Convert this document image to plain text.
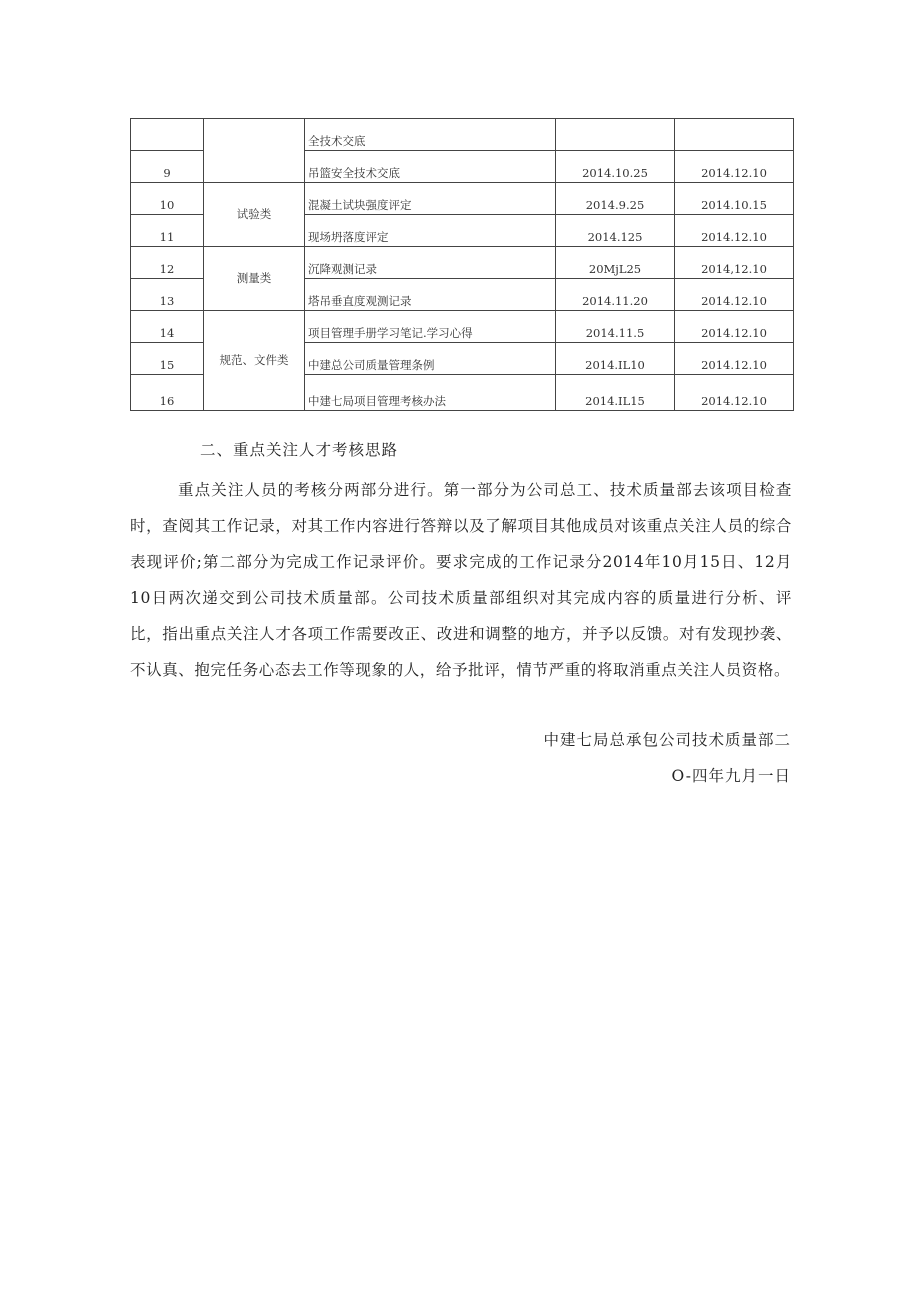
		全技术交底		
9		吊篮安全技术交底	2014.10.25	2014.12.10
10	试验类	混凝土试块强度评定	2014.9.25	2014.10.15
11		现场坍落度评定	2014.125	2014.12.10
12	测量类	沉降观测记录	20MjL25	2014,12.10
13		塔吊垂直度观测记录	2014.11.20	2014.12.10
14	规范、文件类	项目管理手册学习笔记.学习心得	2014.11.5	2014.12.10
15		中建总公司质量管理条例	2014.IL10	2014.12.10
16		中建七局项目管理考核办法	2014.IL15	2014.12.10
二、重点关注人才考核思路

重点关注人员的考核分两部分进行。第一部分为公司总工、技术质量部去该项目检查时，查阅其工作记录，对其工作内容进行答辩以及了解项目其他成员对该重点关注人员的综合表现评价;第二部分为完成工作记录评价。要求完成的工作记录分2014年10月15日、12月10日两次递交到公司技术质量部。公司技术质量部组织对其完成内容的质量进行分析、评比，指出重点关注人才各项工作需要改正、改进和调整的地方，并予以反馈。对有发现抄袭、不认真、抱完任务心态去工作等现象的人，给予批评，情节严重的将取消重点关注人员资格。

中建七局总承包公司技术质量部二

O-四年九月一日
